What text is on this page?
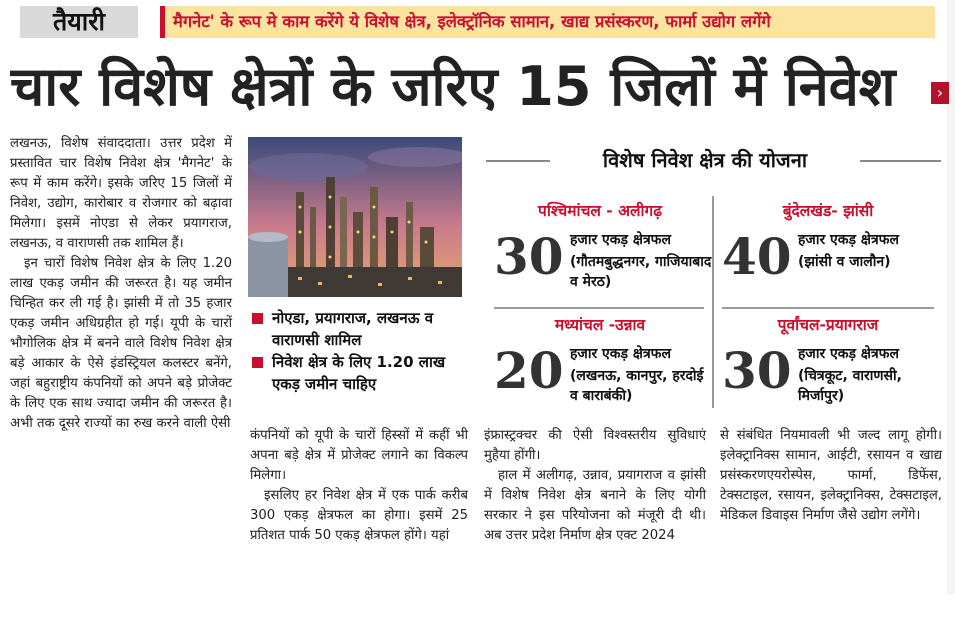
तैयारी	मैगनेट' के रूप मे काम करेंगे ये विशेष क्षेत्र, इलेक्ट्रॉनिक सामान, खाद्य प्रसंस्करण, फार्मा उद्योग लगेंगे
चार विशेष क्षेत्रों के जरिए 15 जिलों में निवेश	›

लखनऊ, विशेष संवाददाता। उत्तर प्रदेश में प्रस्तावित चार विशेष निवेश क्षेत्र 'मैगनेट' के रूप में काम करेंगे। इसके जरिए 15 जिलों में निवेश, उद्योग, कारोबार व रोजगार को बढ़ावा मिलेगा। इसमें नोएडा से लेकर प्रयागराज, लखनऊ, व वाराणसी तक शामिल हैं।

इन चारों विशेष निवेश क्षेत्र के लिए 1.20 लाख एकड़ जमीन की जरूरत है। यह जमीन चिन्हित कर ली गई है। झांसी में तो 35 हजार एकड़ जमीन अधिग्रहीत हो गई। यूपी के चारों भौगोलिक क्षेत्र में बनने वाले विशेष निवेश क्षेत्र बड़े आकार के ऐसे इंडस्ट्रियल कलस्टर बनेंगे, जहां बहुराष्ट्रीय कंपनियों को अपने बड़े प्रोजेक्ट के लिए एक साथ ज्यादा जमीन की जरूरत है। अभी तक दूसरे राज्यों का रुख करने वाली ऐसी

नोएडा, प्रयागराज, लखनऊ व वाराणसी शामिल
निवेश क्षेत्र के लिए 1.20 लाख एकड़ जमीन चाहिए
विशेष निवेश क्षेत्र की योजना
पश्चिमांचल - अलीगढ़
30 हजार एकड़ क्षेत्रफल
(गौतमबुद्धनगर, गाजियाबाद व मेरठ)
बुंदेलखंड- झांसी
40 हजार एकड़ क्षेत्रफल
(झांसी व जालौन)
मध्यांचल -उन्नाव
20 हजार एकड़ क्षेत्रफल
(लखनऊ, कानपुर, हरदोई व बाराबंकी)
पूर्वांचल-प्रयागराज
30 हजार एकड़ क्षेत्रफल
(चित्रकूट, वाराणसी, मिर्जापुर)

कंपनियों को यूपी के चारों हिस्सों में कहीं भी अपना बड़े क्षेत्र में प्रोजेक्ट लगाने का विकल्प मिलेगा।

इसलिए हर निवेश क्षेत्र में एक पार्क करीब 300 एकड़ क्षेत्रफल का होगा। इसमें 25 प्रतिशत पार्क 50 एकड़ क्षेत्रफल होंगे। यहां

इंफ्रास्ट्रक्चर की ऐसी विश्वस्तरीय सुविधाएं मुहैया होंगी।

हाल में अलीगढ़, उन्नाव, प्रयागराज व झांसी में विशेष निवेश क्षेत्र बनाने के लिए योगी सरकार ने इस परियोजना को मंजूरी दी थी। अब उत्तर प्रदेश निर्माण क्षेत्र एक्ट 2024

से संबंधित नियमावली भी जल्द लागू होगी। इलेक्ट्रानिक्स सामान, आईटी, रसायन व खाद्य प्रसंस्करणएयरोस्पेस, फार्मा, डिफेंस, टेक्सटाइल, रसायन, इलेक्ट्रानिक्स, टेक्सटाइल, मेडिकल डिवाइस निर्माण जैसे उद्योग लगेंगे।
